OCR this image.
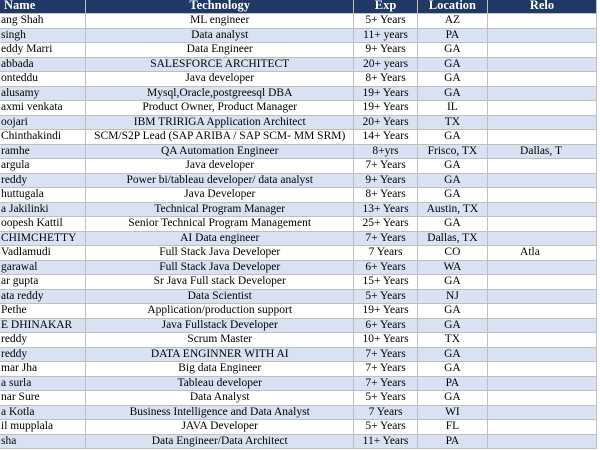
Name	Technology	Exp	Location	Relo
ang Shah	ML engineer	5+ Years	AZ	
singh	Data analyst	11+ years	PA	
eddy Marri	Data Engineer	9+ Years	GA	
abbada	SALESFORCE ARCHITECT	20+ years	GA	
onteddu	Java developer	8+ Years	GA	
alusamy	Mysql,Oracle,postgreesql DBA	19+ Years	GA	
axmi venkata	Product Owner, Product Manager	19+ Years	IL	
oojari	IBM TRIRIGA Application Architect	20+ Years	TX	
Chinthakindi	SCM/S2P Lead (SAP ARIBA / SAP SCM- MM SRM)	14+ Years	GA	
ramhe	QA Automation Engineer	8+yrs	Frisco, TX	Dallas, T
argula	Java developer	7+ Years	GA	
reddy	Power bi/tableau developer/ data analyst	9+ Years	GA	
huttugala	Java Developer	8+ Years	GA	
a Jakilinki	Technical Program Manager	13+ Years	Austin, TX	
oopesh Kattil	Senior Technical Program Management	25+ Years	GA	
CHIMCHETTY	AI Data engineer	7+ Years	Dallas, TX	
Vadlamudi	Full Stack Java Developer	7 Years	CO	Atla
garawal	Full Stack Java Developer	6+ Years	WA	
ar gupta	Sr Java Full stack Developer	15+ Years	GA	
ata reddy	Data Scientist	5+ Years	NJ	
Pethe	Application/production support	19+ Years	GA	
E DHINAKAR	Java Fullstack Developer	6+ Years	GA	
reddy	Scrum Master	10+ Years	TX	
reddy	DATA ENGINNER WITH AI	7+ Years	GA	
mar Jha	Big data Engineer	7+ Years	GA	
a surla	Tableau developer	7+ Years	PA	
nar Sure	Data Analyst	5+ Years	GA	
a Kotla	Business Intelligence and Data Analyst	7 Years	WI	
il mupplala	JAVA Developer	5+ Years	FL	
sha	Data Engineer/Data Architect	11+ Years	PA	
